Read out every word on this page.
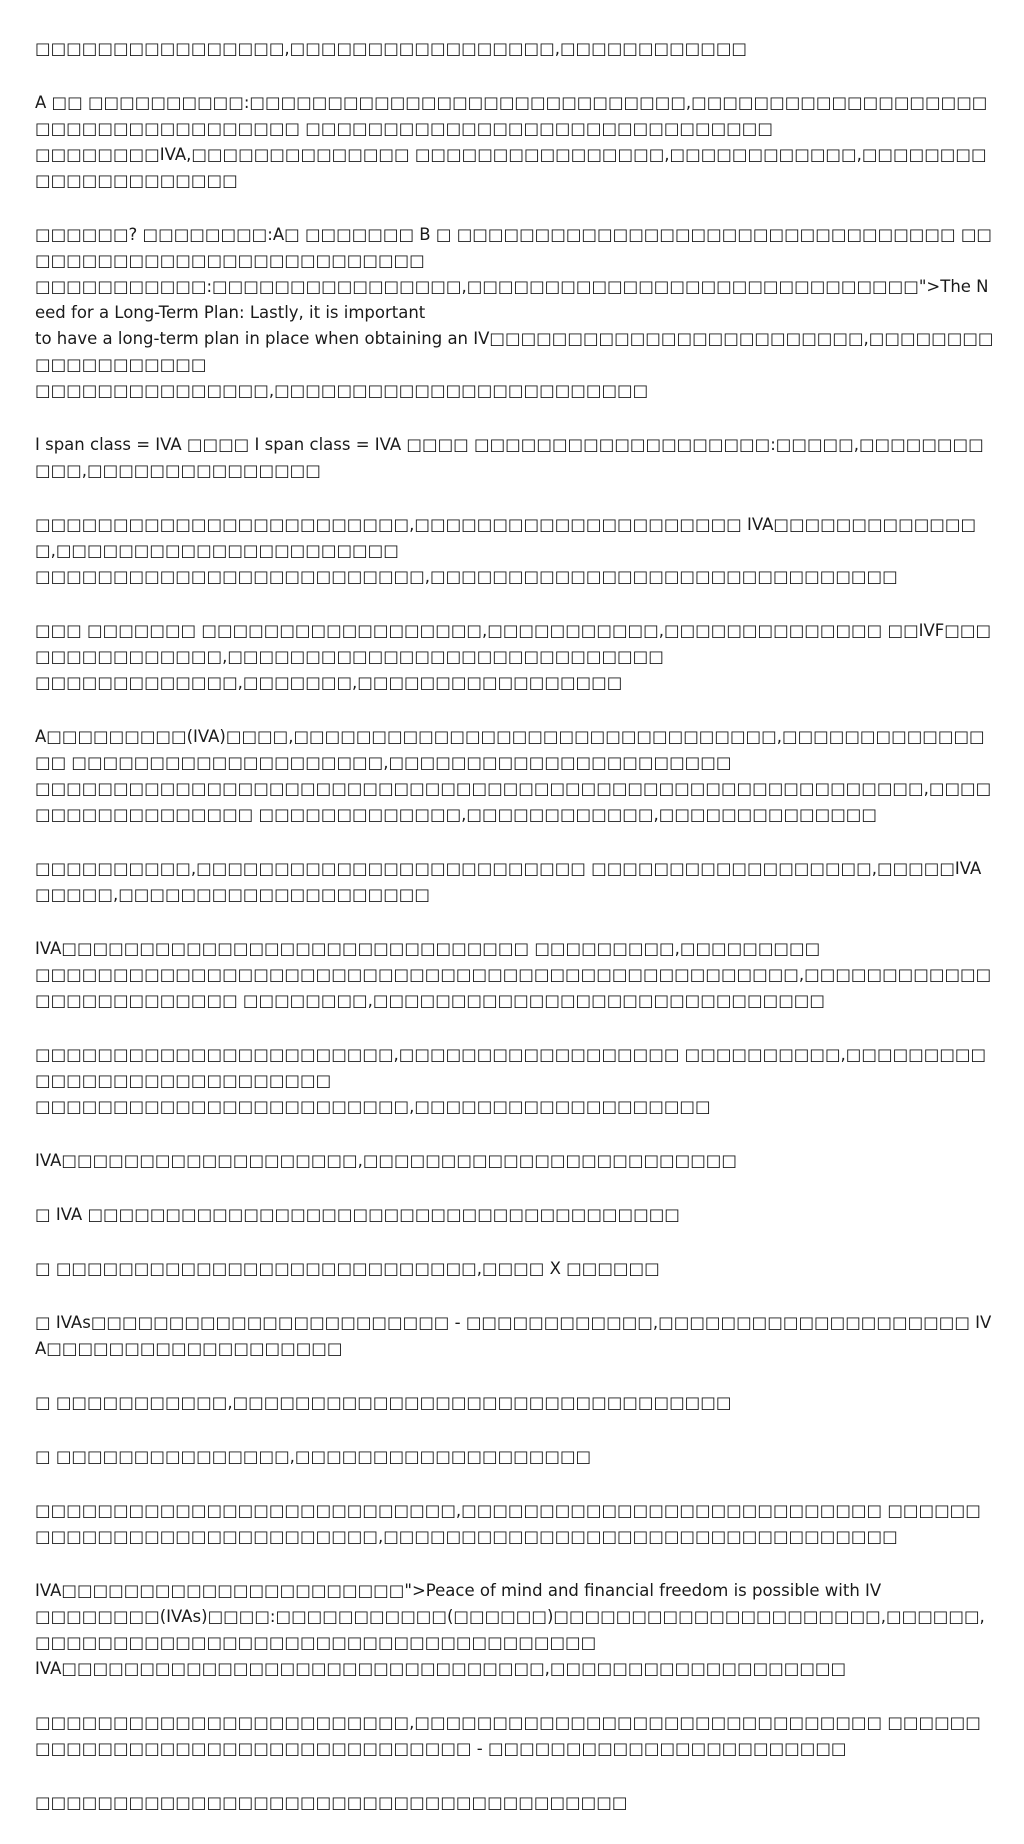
□□□□□□□□□□□□□□□□,□□□□□□□□□□□□□□□□□,□□□□□□□□□□□□

A □□ □□□□□□□□□□:□□□□□□□□□□□□□□□□□□□□□□□□□□□□,□□□□□□□□□□□□□□□□□□□□□□□□□□□□□□□□□□□□ □□□□□□□□□□□□□□□□□□□□□□□□□□□□□□
□□□□□□□□IVA,□□□□□□□□□□□□□□ □□□□□□□□□□□□□□□□,□□□□□□□□□□□□,□□□□□□□□□□□□□□□□□□□□□

□□□□□□? □□□□□□□□:A□ □□□□□□□ B □ □□□□□□□□□□□□□□□□□□□□□□□□□□□□□□□□ □□□□□□□□□□□□□□□□□□□□□□□□□□□
□□□□□□□□□□□:□□□□□□□□□□□□□□□□,□□□□□□□□□□□□□□□□□□□□□□□□□□□□□">The Need for a Long-Term Plan: Lastly, it is important
to have a long-term plan in place when obtaining an IV□□□□□□□□□□□□□□□□□□□□□□□□,□□□□□□□□□□□□□□□□□□□
□□□□□□□□□□□□□□□,□□□□□□□□□□□□□□□□□□□□□□□□

I span class = IVA □□□□ I span class = IVA □□□□ □□□□□□□□□□□□□□□□□□□:□□□□□,□□□□□□□□□□□,□□□□□□□□□□□□□□□

□□□□□□□□□□□□□□□□□□□□□□□□,□□□□□□□□□□□□□□□□□□□□□ IVA□□□□□□□□□□□□□□,□□□□□□□□□□□□□□□□□□□□□□
□□□□□□□□□□□□□□□□□□□□□□□□□,□□□□□□□□□□□□□□□□□□□□□□□□□□□□□□

□□□ □□□□□□□ □□□□□□□□□□□□□□□□□□,□□□□□□□□□□□,□□□□□□□□□□□□□□ □□IVF□□□□□□□□□□□□□□□,□□□□□□□□□□□□□□□□□□□□□□□□□□□□
□□□□□□□□□□□□□,□□□□□□□,□□□□□□□□□□□□□□□□□

A□□□□□□□□□(IVA)□□□□,□□□□□□□□□□□□□□□□□□□□□□□□□□□□□□□,□□□□□□□□□□□□□□□ □□□□□□□□□□□□□□□□□□□□,□□□□□□□□□□□□□□□□□□□□□□
□□□□□□□□□□□□□□□□□□□□□□□□□□□□□□□□□□□□□□□□□□□□□□□□□□□□□□□□□,□□□□□□□□□□□□□□□□□□ □□□□□□□□□□□□□,□□□□□□□□□□□□,□□□□□□□□□□□□□□

□□□□□□□□□□,□□□□□□□□□□□□□□□□□□□□□□□□□ □□□□□□□□□□□□□□□□□□,□□□□□IVA□□□□□,□□□□□□□□□□□□□□□□□□□□

IVA□□□□□□□□□□□□□□□□□□□□□□□□□□□□□□ □□□□□□□□□,□□□□□□□□□
□□□□□□□□□□□□□□□□□□□□□□□□□□□□□□□□□□□□□□□□□□□□□□□□□,□□□□□□□□□□□□□□□□□□□□□□□□□ □□□□□□□□,□□□□□□□□□□□□□□□□□□□□□□□□□□□□□

□□□□□□□□□□□□□□□□□□□□□□□,□□□□□□□□□□□□□□□□□□ □□□□□□□□□□,□□□□□□□□□□□□□□□□□□□□□□□□□□□□
□□□□□□□□□□□□□□□□□□□□□□□□,□□□□□□□□□□□□□□□□□□□

IVA□□□□□□□□□□□□□□□□□□□,□□□□□□□□□□□□□□□□□□□□□□□□

□ IVA □□□□□□□□□□□□□□□□□□□□□□□□□□□□□□□□□□□□□□

□ □□□□□□□□□□□□□□□□□□□□□□□□□□□,□□□□ X □□□□□□

□ IVAs□□□□□□□□□□□□□□□□□□□□□□□ - □□□□□□□□□□□□,□□□□□□□□□□□□□□□□□□□□ IVA□□□□□□□□□□□□□□□□□□□

□ □□□□□□□□□□□,□□□□□□□□□□□□□□□□□□□□□□□□□□□□□□□□

□ □□□□□□□□□□□□□□□,□□□□□□□□□□□□□□□□□□□

□□□□□□□□□□□□□□□□□□□□□□□□□□□,□□□□□□□□□□□□□□□□□□□□□□□□□□□ □□□□□□□□□□□□□□□□□□□□□□□□□□□□,□□□□□□□□□□□□□□□□□□□□□□□□□□□□□□□□□

IVA□□□□□□□□□□□□□□□□□□□□□□">Peace of mind and financial freedom is possible with IV
□□□□□□□□(IVAs)□□□□:□□□□□□□□□□□(□□□□□□)□□□□□□□□□□□□□□□□□□□□□,□□□□□□,□□□□□□□□□□□□□□□□□□□□□□□□□□□□□□□□□□□□
IVA□□□□□□□□□□□□□□□□□□□□□□□□□□□□□□□,□□□□□□□□□□□□□□□□□□□

□□□□□□□□□□□□□□□□□□□□□□□□,□□□□□□□□□□□□□□□□□□□□□□□□□□□□□□ □□□□□□□□□□□□□□□□□□□□□□□□□□□□□□□□□□ - □□□□□□□□□□□□□□□□□□□□□□□

□□□□□□□□□□□□□□□□□□□□□□□□□□□□□□□□□□□□□□
